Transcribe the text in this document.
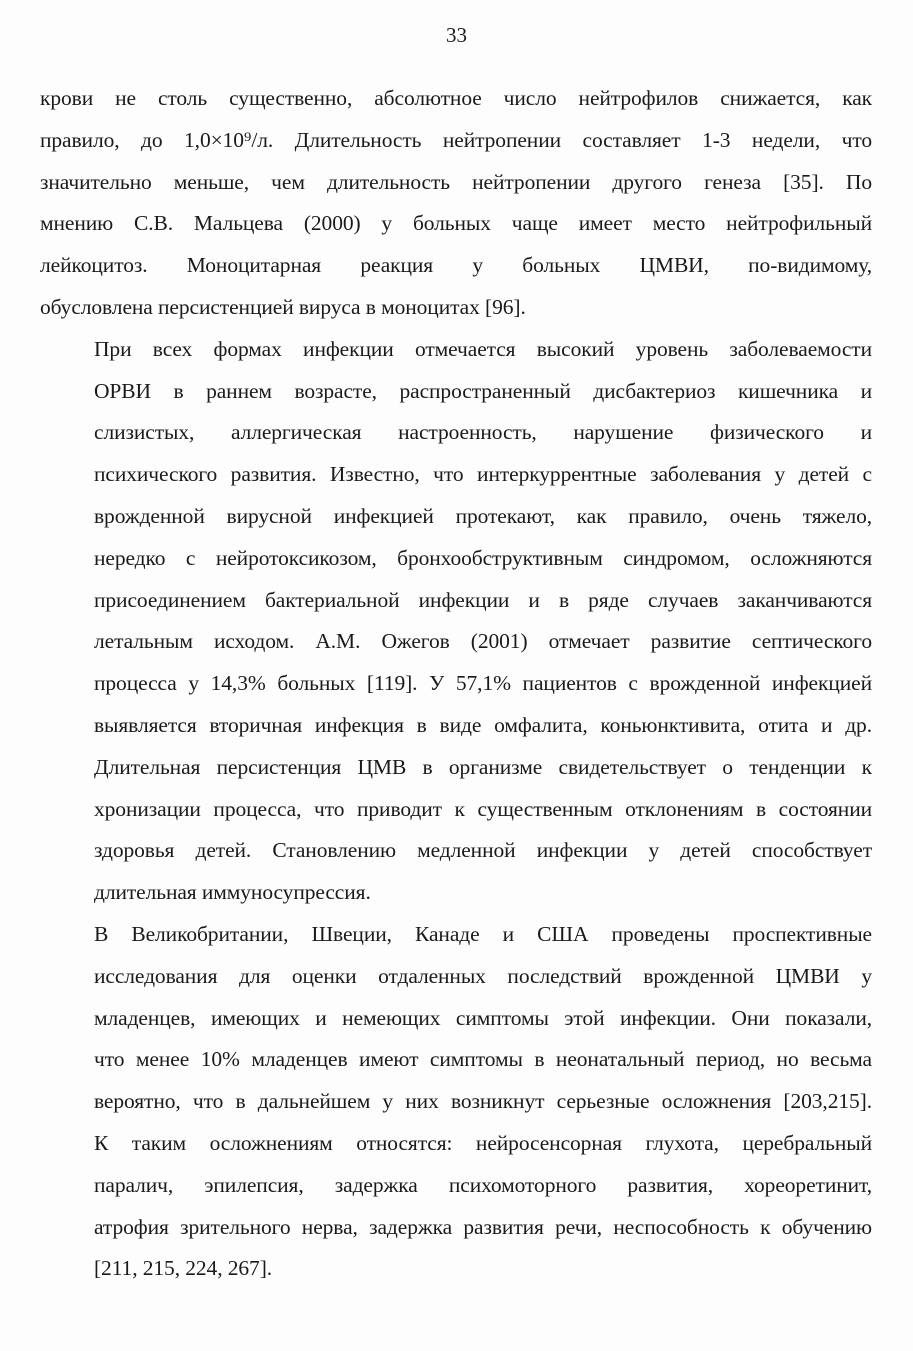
33
крови не столь существенно, абсолютное число нейтрофилов снижается, как
правило, до 1,0×10⁹/л. Длительность нейтропении составляет 1-3 недели, что
значительно меньше, чем длительность нейтропении другого генеза [35]. По
мнению С.В. Мальцева (2000) у больных чаще имеет место нейтрофильный
лейкоцитоз. Моноцитарная реакция у больных ЦМВИ, по-видимому,
обусловлена персистенцией вируса в моноцитах [96].
При всех формах инфекции отмечается высокий уровень заболеваемости
ОРВИ в раннем возрасте, распространенный дисбактериоз кишечника и
слизистых, аллергическая настроенность, нарушение физического и
психического развития. Известно, что интеркуррентные заболевания у детей с
врожденной вирусной инфекцией протекают, как правило, очень тяжело,
нередко с нейротоксикозом, бронхообструктивным синдромом, осложняются
присоединением бактериальной инфекции и в ряде случаев заканчиваются
летальным исходом. А.М. Ожегов (2001) отмечает развитие септического
процесса у 14,3% больных [119]. У 57,1% пациентов с врожденной инфекцией
выявляется вторичная инфекция в виде омфалита, коньюнктивита, отита и др.
Длительная персистенция ЦМВ в организме свидетельствует о тенденции к
хронизации процесса, что приводит к существенным отклонениям в состоянии
здоровья детей. Становлению медленной инфекции у детей способствует
длительная иммуносупрессия.
В Великобритании, Швеции, Канаде и США проведены проспективные
исследования для оценки отдаленных последствий врожденной ЦМВИ у
младенцев, имеющих и немеющих симптомы этой инфекции. Они показали,
что менее 10% младенцев имеют симптомы в неонатальный период, но весьма
вероятно, что в дальнейшем у них возникнут серьезные осложнения [203,215].
К таким осложнениям относятся: нейросенсорная глухота, церебральный
паралич, эпилепсия, задержка психомоторного развития, хореоретинит,
атрофия зрительного нерва, задержка развития речи, неспособность к обучению
[211, 215, 224, 267].
